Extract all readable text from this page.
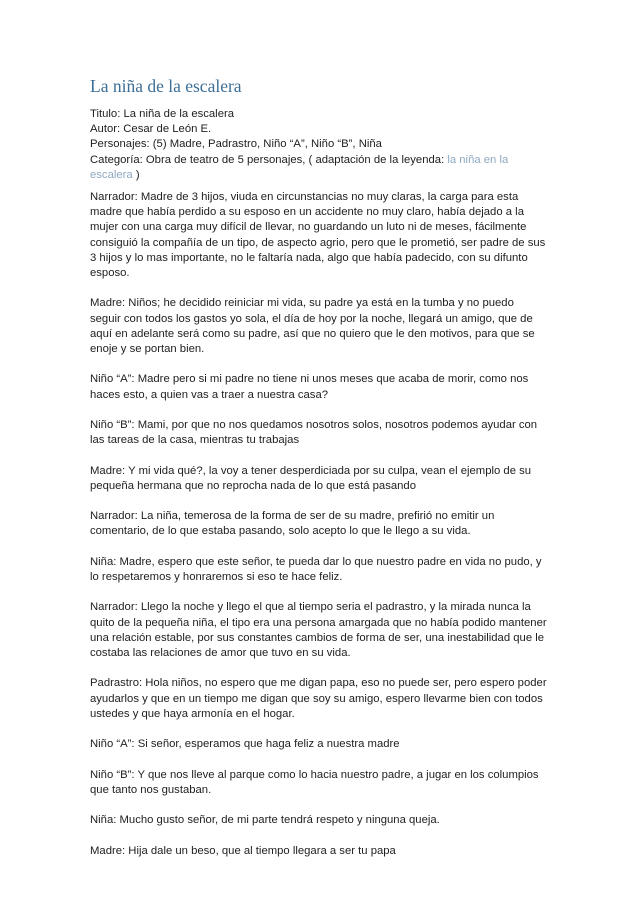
La niña de la escalera
Titulo: La niña de la escalera
Autor: Cesar de León E.
Personajes: (5) Madre, Padrastro, Niño “A”, Niño “B”, Niña
Categoría: Obra de teatro de 5 personajes, ( adaptación de la leyenda: la niña en la
escalera )

Narrador: Madre de 3 hijos, viuda en circunstancias no muy claras, la carga para esta
madre que había perdido a su esposo en un accidente no muy claro, había dejado a la
mujer con una carga muy difícil de llevar, no guardando un luto ni de meses, fácilmente
consiguió la compañía de un tipo, de aspecto agrio, pero que le prometió, ser padre de sus
3 hijos y lo mas importante, no le faltaría nada, algo que había padecido, con su difunto
esposo.

Madre: Niños; he decidido reiniciar mi vida, su padre ya está en la tumba y no puedo
seguir con todos los gastos yo sola, el día de hoy por la noche, llegará un amigo, que de
aquí en adelante será como su padre, así que no quiero que le den motivos, para que se
enoje y se portan bien.

Niño “A”: Madre pero si mi padre no tiene ni unos meses que acaba de morir, como nos
haces esto, a quien vas a traer a nuestra casa?

Niño “B”: Mami, por que no nos quedamos nosotros solos, nosotros podemos ayudar con
las tareas de la casa, mientras tu trabajas

Madre: Y mi vida qué?, la voy a tener desperdiciada por su culpa, vean el ejemplo de su
pequeña hermana que no reprocha nada de lo que está pasando

Narrador: La niña, temerosa de la forma de ser de su madre, prefirió no emitir un
comentario, de lo que estaba pasando, solo acepto lo que le llego a su vida.

Niña: Madre, espero que este señor, te pueda dar lo que nuestro padre en vida no pudo, y
lo respetaremos y honraremos si eso te hace feliz.

Narrador: Llego la noche y llego el que al tiempo seria el padrastro, y la mirada nunca la
quito de la pequeña niña, el tipo era una persona amargada que no había podido mantener
una relación estable, por sus constantes cambios de forma de ser, una inestabilidad que le
costaba las relaciones de amor que tuvo en su vida.

Padrastro: Hola niños, no espero que me digan papa, eso no puede ser, pero espero poder
ayudarlos y que en un tiempo me digan que soy su amigo, espero llevarme bien con todos
ustedes y que haya armonía en el hogar.

Niño “A”: Si señor, esperamos que haga feliz a nuestra madre

Niño “B”: Y que nos lleve al parque como lo hacia nuestro padre, a jugar en los columpios
que tanto nos gustaban.

Niña: Mucho gusto señor, de mi parte tendrá respeto y ninguna queja.

Madre: Hija dale un beso, que al tiempo llegara a ser tu papa
